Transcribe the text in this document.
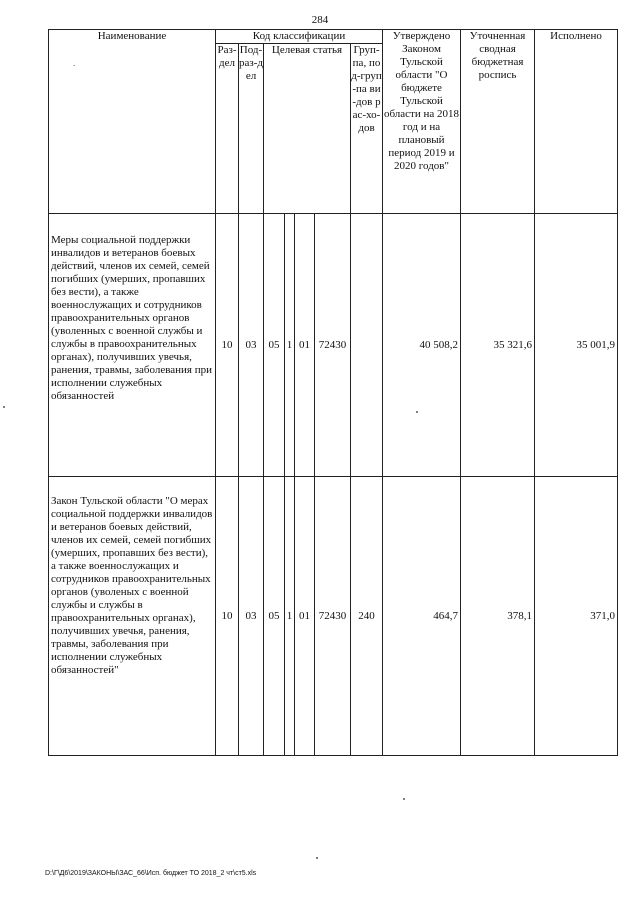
284
Наименование
.	Код классификации							Утверждено Законом Тульской области "О бюджете Тульской области на 2018 год и на плановый период 2019 и 2020 годов"	Уточненная сводная бюджетная роспись	Исполнено
	Раз-дел	Под-раз-дел	Целевая статья				Груп-па, под-груп-па ви-дов рас-хо-дов			
Меры социальной поддержки инвалидов и ветеранов боевых действий, членов их семей, семей погибших (умерших, пропавших без вести), а также военнослужащих и сотрудников правоохранительных органов (уволенных с военной службы и службы в правоохранительных органах), получивших увечья, ранения, травмы, заболевания при исполнении служебных обязанностей	10	03	05	1	01	72430		40 508,2	35 321,6	35 001,9
Закон Тульской области "О мерах социальной поддержки инвалидов и ветеранов боевых действий, членов их семей, семей погибших (умерших, пропавших без вести), а также военнослужащих и сотрудников правоохранительных органов (уволеных с военной службы и службы в правоохранительных органах), получивших увечья, ранения, травмы, заболевания при исполнении служебных обязанностей"	10	03	05	1	01	72430	240	464,7	378,1	371,0
D:\Г\Д6\2019\ЗАКОНЫ\ЗАС_66\Исп. бюджет ТО 2018_2 чт\ст5.xls
